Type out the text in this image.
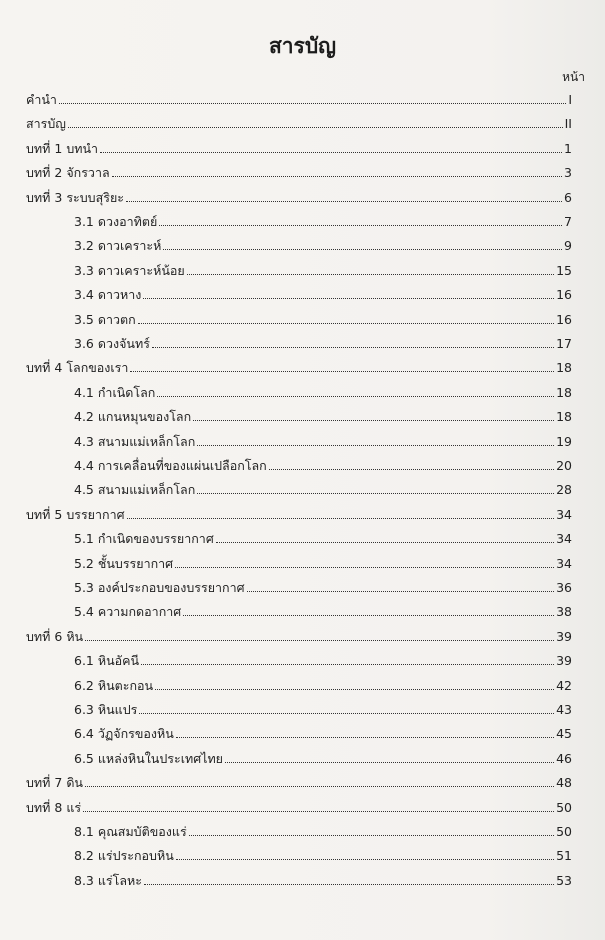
สารบัญ
หน้า
คำนำ	I
สารบัญ	II
บทที่ 1 บทนำ	1
บทที่ 2 จักรวาล	3
บทที่ 3 ระบบสุริยะ	6
3.1 ดวงอาทิตย์	7
3.2 ดาวเคราะห์	9
3.3 ดาวเคราะห์น้อย	15
3.4 ดาวหาง	16
3.5 ดาวตก	16
3.6 ดวงจันทร์	17
บทที่ 4 โลกของเรา	18
4.1 กำเนิดโลก	18
4.2 แกนหมุนของโลก	18
4.3 สนามแม่เหล็กโลก	19
4.4 การเคลื่อนที่ของแผ่นเปลือกโลก	20
4.5 สนามแม่เหล็กโลก	28
บทที่ 5 บรรยากาศ	34
5.1 กำเนิดของบรรยากาศ	34
5.2 ชั้นบรรยากาศ	34
5.3 องค์ประกอบของบรรยากาศ	36
5.4 ความกดอากาศ	38
บทที่ 6 หิน	39
6.1 หินอัคนี	39
6.2 หินตะกอน	42
6.3 หินแปร	43
6.4 วัฏจักรของหิน	45
6.5 แหล่งหินในประเทศไทย	46
บทที่ 7 ดิน	48
บทที่ 8 แร่	50
8.1 คุณสมบัติของแร่	50
8.2 แร่ประกอบหิน	51
8.3 แร่โลหะ	53
